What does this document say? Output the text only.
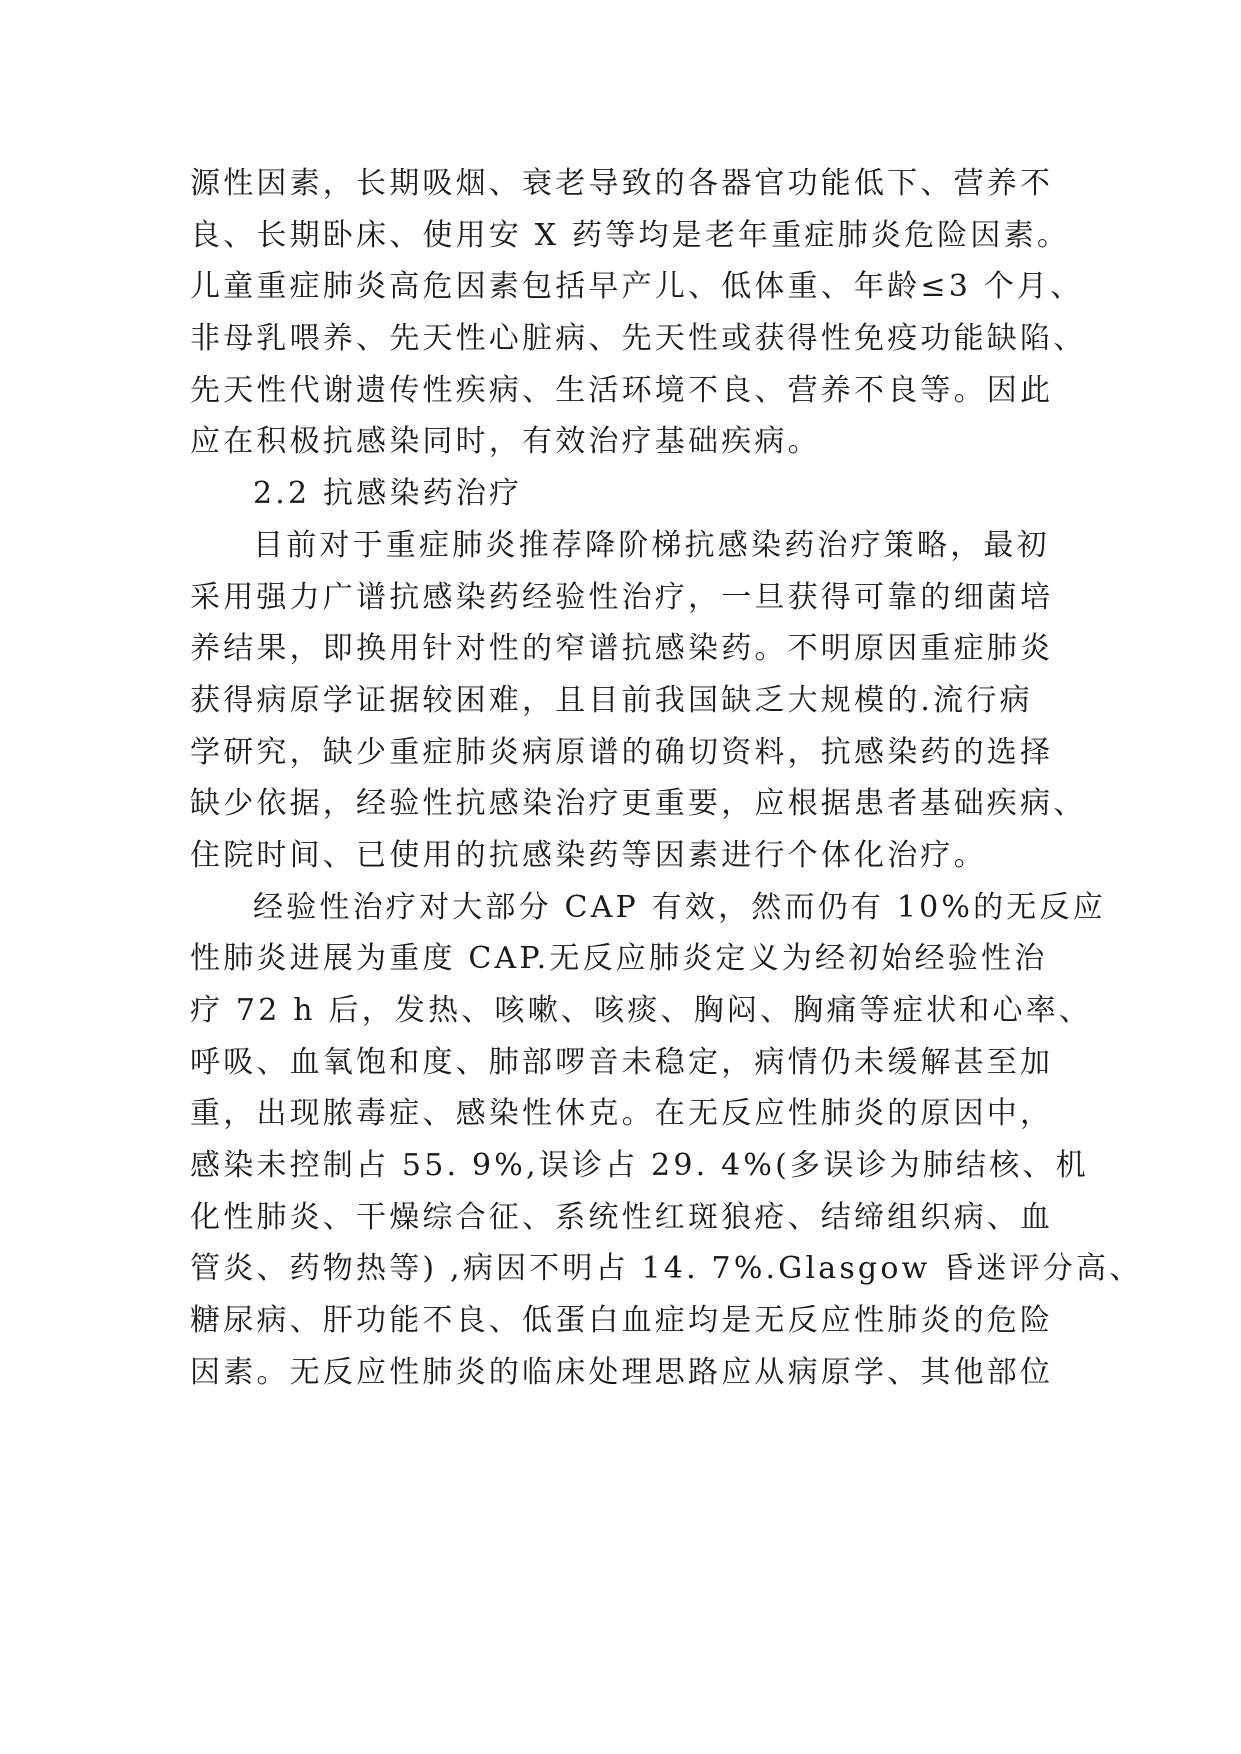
源性因素，长期吸烟、衰老导致的各器官功能低下、营养不
良、长期卧床、使用安 X 药等均是老年重症肺炎危险因素。
儿童重症肺炎高危因素包括早产儿、低体重、年龄≤3 个月、
非母乳喂养、先天性心脏病、先天性或获得性免疫功能缺陷、
先天性代谢遗传性疾病、生活环境不良、营养不良等。因此
应在积极抗感染同时，有效治疗基础疾病。
2.2 抗感染药治疗
目前对于重症肺炎推荐降阶梯抗感染药治疗策略，最初
采用强力广谱抗感染药经验性治疗，一旦获得可靠的细菌培
养结果，即换用针对性的窄谱抗感染药。不明原因重症肺炎
获得病原学证据较困难，且目前我国缺乏大规模的.流行病
学研究，缺少重症肺炎病原谱的确切资料，抗感染药的选择
缺少依据，经验性抗感染治疗更重要，应根据患者基础疾病、
住院时间、已使用的抗感染药等因素进行个体化治疗。
经验性治疗对大部分 CAP 有效，然而仍有 10%的无反应
性肺炎进展为重度 CAP.无反应肺炎定义为经初始经验性治
疗 72 h 后，发热、咳嗽、咳痰、胸闷、胸痛等症状和心率、
呼吸、血氧饱和度、肺部啰音未稳定，病情仍未缓解甚至加
重，出现脓毒症、感染性休克。在无反应性肺炎的原因中，
感染未控制占 55. 9%,误诊占 29. 4%(多误诊为肺结核、机
化性肺炎、干燥综合征、系统性红斑狼疮、结缔组织病、血
管炎、药物热等) ,病因不明占 14. 7%.Glasgow 昏迷评分高、
糖尿病、肝功能不良、低蛋白血症均是无反应性肺炎的危险
因素。无反应性肺炎的临床处理思路应从病原学、其他部位
